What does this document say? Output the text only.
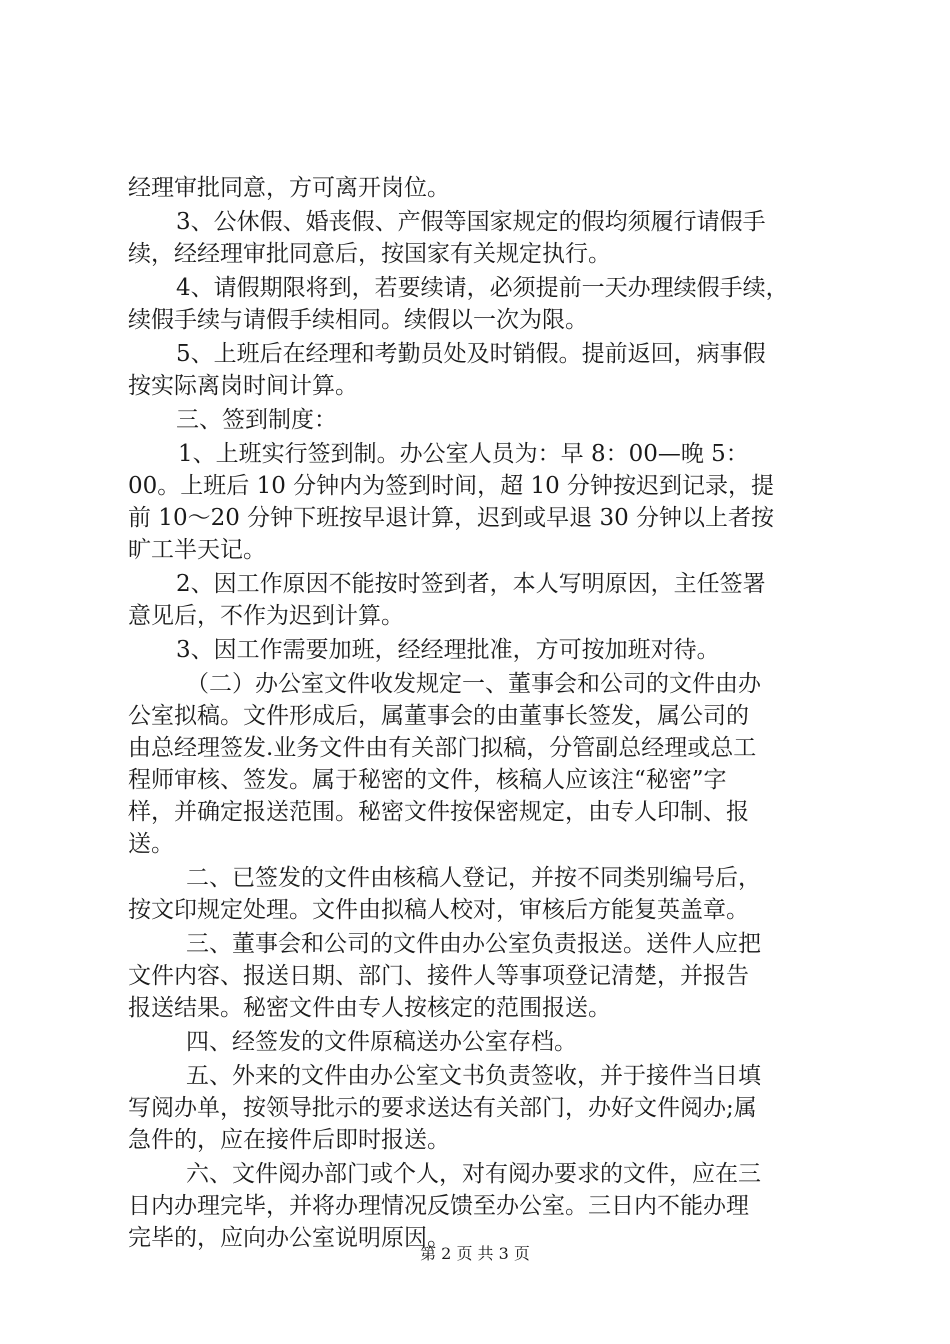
经理审批同意，方可离开岗位。
3、公休假、婚丧假、产假等国家规定的假均须履行请假手
续，经经理审批同意后，按国家有关规定执行。
4、请假期限将到，若要续请，必须提前一天办理续假手续，
续假手续与请假手续相同。续假以一次为限。
5、上班后在经理和考勤员处及时销假。提前返回，病事假
按实际离岗时间计算。
三、签到制度：
1、上班实行签到制。办公室人员为：早 8：00—晚 5：
00。上班后 10 分钟内为签到时间，超 10 分钟按迟到记录，提
前 10～20 分钟下班按早退计算，迟到或早退 30 分钟以上者按
旷工半天记。
2、因工作原因不能按时签到者，本人写明原因，主任签署
意见后，不作为迟到计算。
3、因工作需要加班，经经理批准，方可按加班对待。
（二）办公室文件收发规定一、董事会和公司的文件由办
公室拟稿。文件形成后，属董事会的由董事长签发，属公司的
由总经理签发.业务文件由有关部门拟稿，分管副总经理或总工
程师审核、签发。属于秘密的文件，核稿人应该注“秘密”字
样，并确定报送范围。秘密文件按保密规定，由专人印制、报
送。
二、已签发的文件由核稿人登记，并按不同类别编号后，
按文印规定处理。文件由拟稿人校对，审核后方能复英盖章。
三、董事会和公司的文件由办公室负责报送。送件人应把
文件内容、报送日期、部门、接件人等事项登记清楚，并报告
报送结果。秘密文件由专人按核定的范围报送。
四、经签发的文件原稿送办公室存档。
五、外来的文件由办公室文书负责签收，并于接件当日填
写阅办单，按领导批示的要求送达有关部门，办好文件阅办;属
急件的，应在接件后即时报送。
六、文件阅办部门或个人，对有阅办要求的文件，应在三
日内办理完毕，并将办理情况反馈至办公室。三日内不能办理
完毕的，应向办公室说明原因。
第 2 页 共 3 页
